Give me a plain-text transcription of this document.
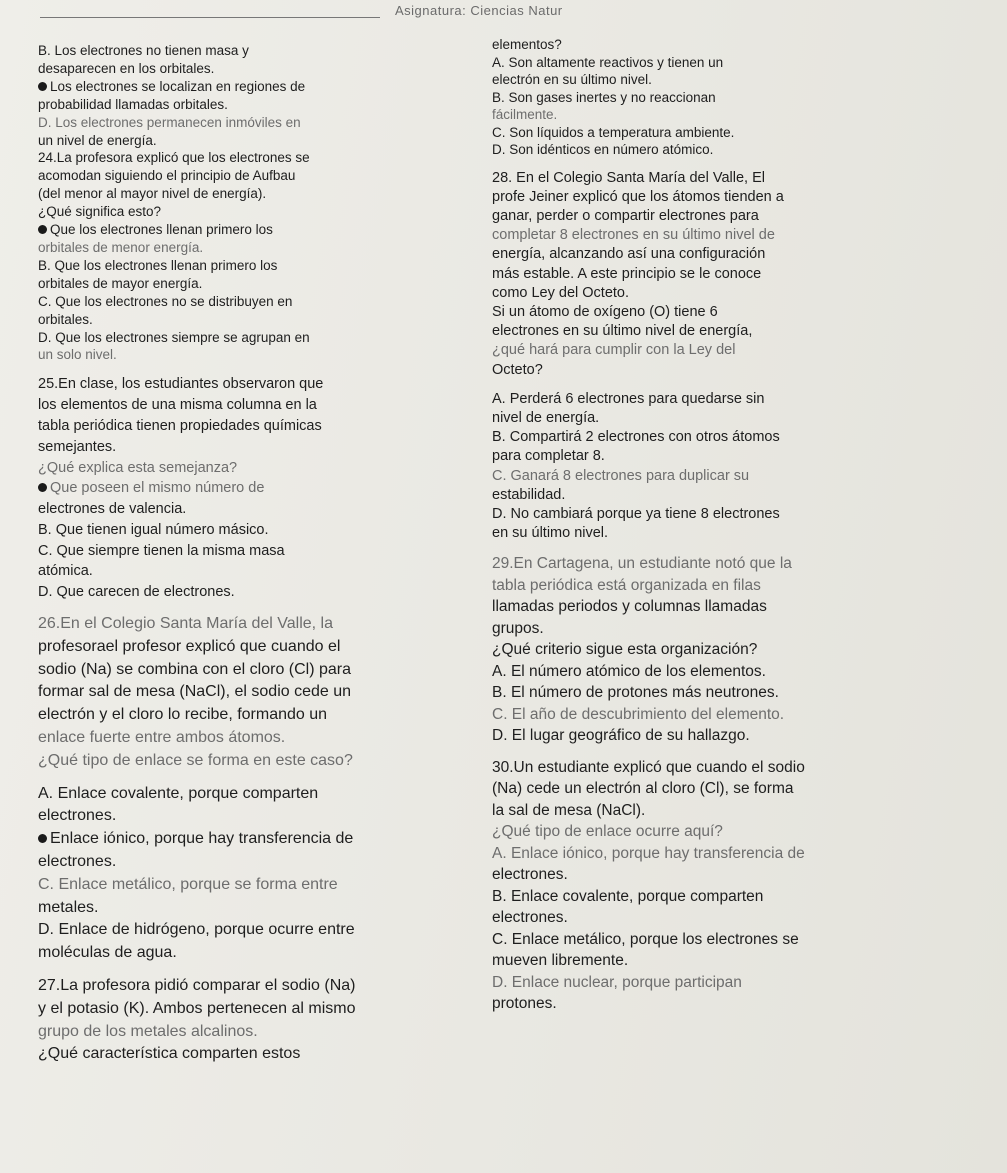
Asignatura: Ciencias Natur

B. Los electrones no tienen masa y

desaparecen en los orbitales.

Los electrones se localizan en regiones de

probabilidad llamadas orbitales.

D. Los electrones permanecen inmóviles en

un nivel de energía.

24.La profesora explicó que los electrones se

acomodan siguiendo el principio de Aufbau

(del menor al mayor nivel de energía).

¿Qué significa esto?

Que los electrones llenan primero los

orbitales de menor energía.

B. Que los electrones llenan primero los

orbitales de mayor energía.

C. Que los electrones no se distribuyen en

orbitales.

D. Que los electrones siempre se agrupan en

un solo nivel.

25.En clase, los estudiantes observaron que

los elementos de una misma columna en la

tabla periódica tienen propiedades químicas

semejantes.

¿Qué explica esta semejanza?

Que poseen el mismo número de

electrones de valencia.

B. Que tienen igual número másico.

C. Que siempre tienen la misma masa

atómica.

D. Que carecen de electrones.

26.En el Colegio Santa María del Valle, la

profesorael profesor explicó que cuando el

sodio (Na) se combina con el cloro (Cl) para

formar sal de mesa (NaCl), el sodio cede un

electrón y el cloro lo recibe, formando un

enlace fuerte entre ambos átomos.

¿Qué tipo de enlace se forma en este caso?

A. Enlace covalente, porque comparten

electrones.

Enlace iónico, porque hay transferencia de

electrones.

C. Enlace metálico, porque se forma entre

metales.

D. Enlace de hidrógeno, porque ocurre entre

moléculas de agua.

27.La profesora pidió comparar el sodio (Na)

y el potasio (K). Ambos pertenecen al mismo

grupo de los metales alcalinos.

¿Qué característica comparten estos

elementos?

A. Son altamente reactivos y tienen un

electrón en su último nivel.

B. Son gases inertes y no reaccionan

fácilmente.

C. Son líquidos a temperatura ambiente.

D. Son idénticos en número atómico.

28. En el Colegio Santa María del Valle, El

profe Jeiner explicó que los átomos tienden a

ganar, perder o compartir electrones para

completar 8 electrones en su último nivel de

energía, alcanzando así una configuración

más estable. A este principio se le conoce

como Ley del Octeto.

Si un átomo de oxígeno (O) tiene 6

electrones en su último nivel de energía,

¿qué hará para cumplir con la Ley del

Octeto?

A. Perderá 6 electrones para quedarse sin

nivel de energía.

B. Compartirá 2 electrones con otros átomos

para completar 8.

C. Ganará 8 electrones para duplicar su

estabilidad.

D. No cambiará porque ya tiene 8 electrones

en su último nivel.

29.En Cartagena, un estudiante notó que la

tabla periódica está organizada en filas

llamadas periodos y columnas llamadas

grupos.

¿Qué criterio sigue esta organización?

A. El número atómico de los elementos.

B. El número de protones más neutrones.

C. El año de descubrimiento del elemento.

D. El lugar geográfico de su hallazgo.

30.Un estudiante explicó que cuando el sodio

(Na) cede un electrón al cloro (Cl), se forma

la sal de mesa (NaCl).

¿Qué tipo de enlace ocurre aquí?

A. Enlace iónico, porque hay transferencia de

electrones.

B. Enlace covalente, porque comparten

electrones.

C. Enlace metálico, porque los electrones se

mueven libremente.

D. Enlace nuclear, porque participan

protones.
